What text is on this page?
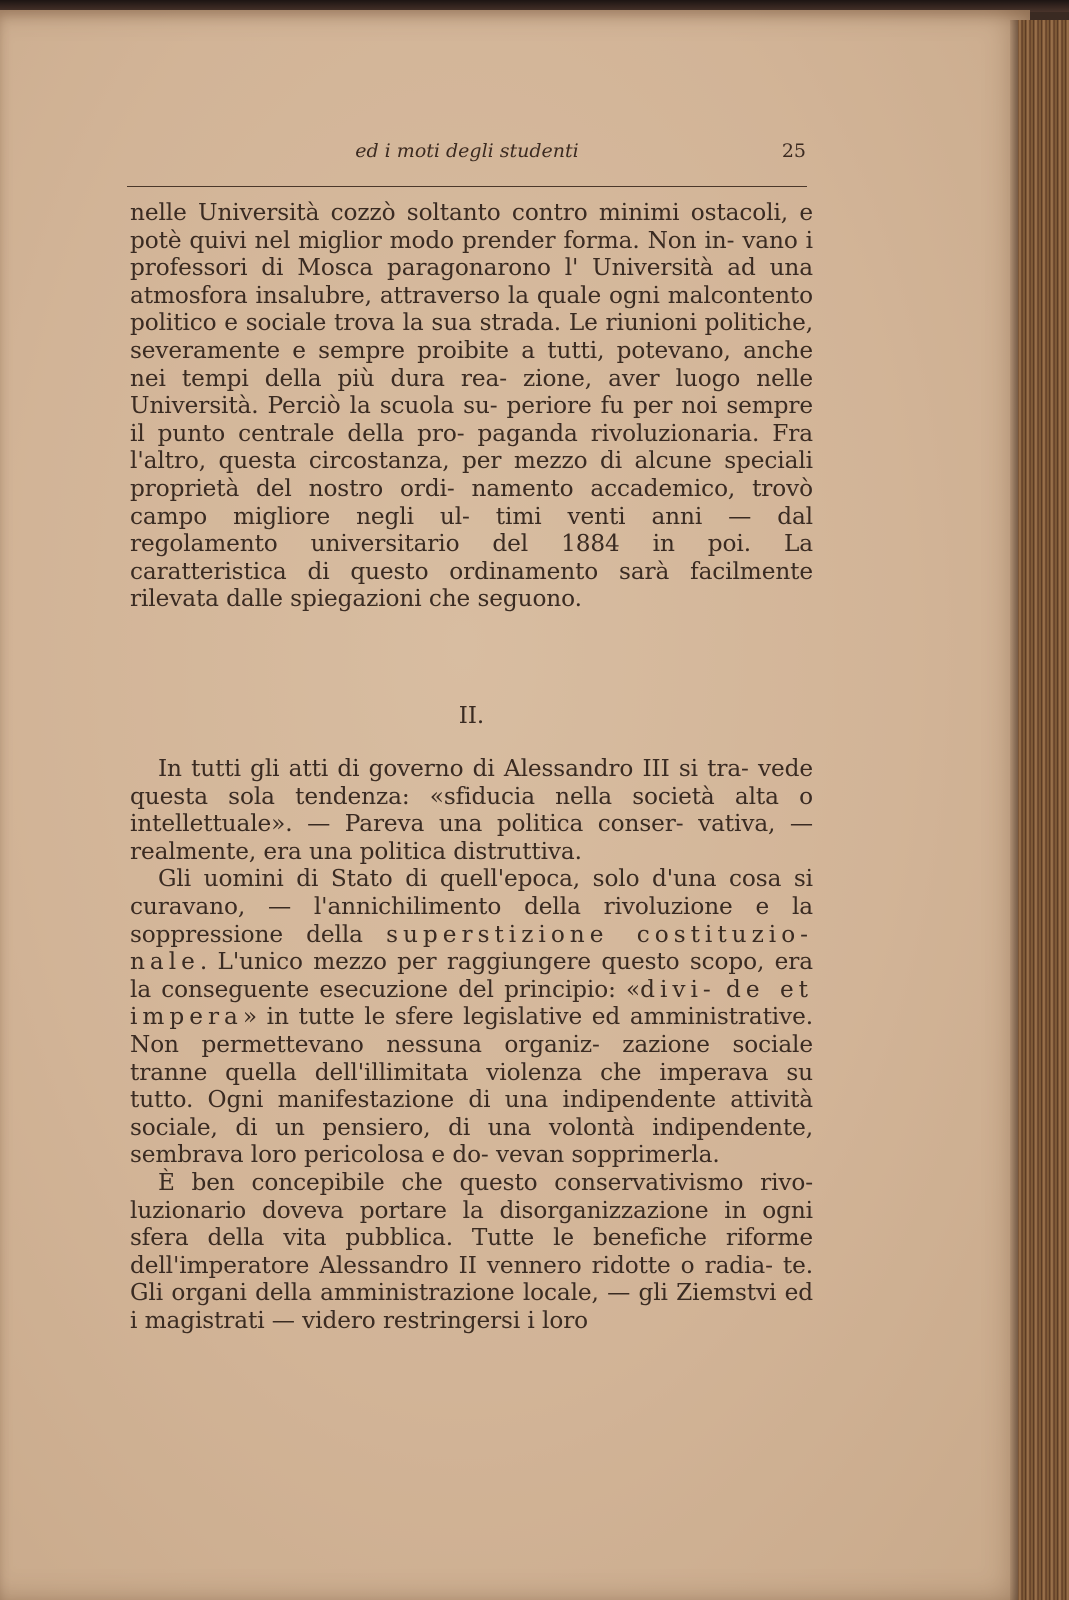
ed i moti degli studenti	25

nelle Università cozzò soltanto contro minimi ostacoli, e potè quivi nel miglior modo prender forma. Non in- vano i professori di Mosca paragonarono l' Università ad una atmosfora insalubre, attraverso la quale ogni malcontento politico e sociale trova la sua strada. Le riunioni politiche, severamente e sempre proibite a tutti, potevano, anche nei tempi della più dura rea- zione, aver luogo nelle Università. Perciò la scuola su- periore fu per noi sempre il punto centrale della pro- paganda rivoluzionaria. Fra l'altro, questa circostanza, per mezzo di alcune speciali proprietà del nostro ordi- namento accademico, trovò campo migliore negli ul- timi venti anni — dal regolamento universitario del 1884 in poi. La caratteristica di questo ordinamento sarà facilmente rilevata dalle spiegazioni che seguono.

II.

In tutti gli atti di governo di Alessandro III si tra- vede questa sola tendenza: «sfiducia nella società alta o intellettuale». — Pareva una politica conser- vativa, — realmente, era una politica distruttiva.

Gli uomini di Stato di quell'epoca, solo d'una cosa si curavano, — l'annichilimento della rivoluzione e la soppressione della superstizione costituzio- nale. L'unico mezzo per raggiungere questo scopo, era la conseguente esecuzione del principio: «divi- de et impera» in tutte le sfere legislative ed amministrative. Non permettevano nessuna organiz- zazione sociale tranne quella dell'illimitata violenza che imperava su tutto. Ogni manifestazione di una indipendente attività sociale, di un pensiero, di una volontà indipendente, sembrava loro pericolosa e do- vevan sopprimerla.

È ben concepibile che questo conservativismo rivo- luzionario doveva portare la disorganizzazione in ogni sfera della vita pubblica. Tutte le benefiche riforme dell'imperatore Alessandro II vennero ridotte o radia- te. Gli organi della amministrazione locale, — gli Ziemstvi ed i magistrati — videro restringersi i loro
